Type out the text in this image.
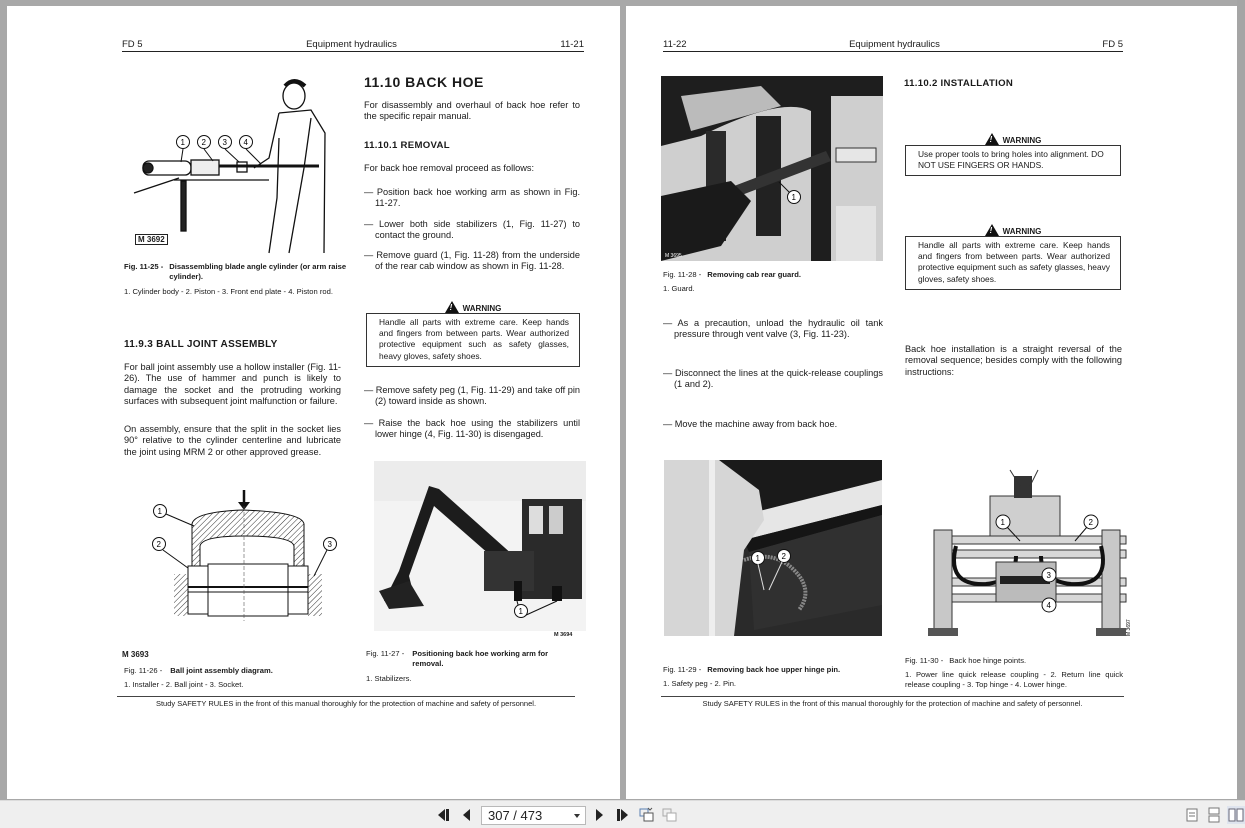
FD 5	Equipment hydraulics	11-21
1 2 3 4
M 3692
Fig. 11-25 - Disassembling blade angle cylinder (or arm raise cylinder).
1. Cylinder body - 2. Piston - 3. Front end plate - 4. Piston rod.
11.9.3 BALL JOINT ASSEMBLY
For ball joint assembly use a hollow installer (Fig. 11-26). The use of hammer and punch is likely to damage the socket and the protruding working surfaces with subsequent joint malfunction or failure.
On assembly, ensure that the split in the socket lies 90° relative to the cylinder centerline and lubricate the joint using MRM 2 or other approved grease.
1
2	3
M 3693
Fig. 11-26 - Ball joint assembly diagram.
1. Installer - 2. Ball joint - 3. Socket.
11.10 BACK HOE
For disassembly and overhaul of back hoe refer to the specific repair manual.
11.10.1 REMOVAL
For back hoe removal proceed as follows:
— Position back hoe working arm as shown in Fig. 11-27.
— Lower both side stabilizers (1, Fig. 11-27) to contact the ground.
— Remove guard (1, Fig. 11-28) from the underside of the rear cab window as shown in Fig. 11-28.
!WARNING
Handle all parts with extreme care. Keep hands and fingers from between parts. Wear authorized protective equipment such as safety glasses, heavy gloves, safety shoes.
— Remove safety peg (1, Fig. 11-29) and take off pin (2) toward inside as shown.
— Raise the back hoe using the stabilizers until lower hinge (4, Fig. 11-30) is disengaged.
1
M 3694
Fig. 11-27 - Positioning back hoe working arm for removal.
1. Stabilizers.
Study SAFETY RULES in the front of this manual thoroughly for the protection of machine and safety of personnel.
11-22	Equipment hydraulics	FD 5
1
M 3695
Fig. 11-28 - Removing cab rear guard.
1. Guard.
— As a precaution, unload the hydraulic oil tank pressure through vent valve (3, Fig. 11-23).
— Disconnect the lines at the quick-release couplings (1 and 2).
— Move the machine away from back hoe.
11.10.2 INSTALLATION
!WARNING
Use proper tools to bring holes into alignment. DO NOT USE FINGERS OR HANDS.
!WARNING
Handle all parts with extreme care. Keep hands and fingers from between parts. Wear authorized protective equipment such as safety glasses, heavy gloves, safety shoes.
Back hoe installation is a straight reversal of the removal sequence; besides comply with the following instructions:
1	2
Fig. 11-29 - Removing back hoe upper hinge pin.
1. Safety peg - 2. Pin.
1	2
3
4
M 3697
Fig. 11-30 - Back hoe hinge points.
1. Power line quick release coupling - 2. Return line quick release coupling - 3. Top hinge - 4. Lower hinge.
Study SAFETY RULES in the front of this manual thoroughly for the protection of machine and safety of personnel.
307 / 473
